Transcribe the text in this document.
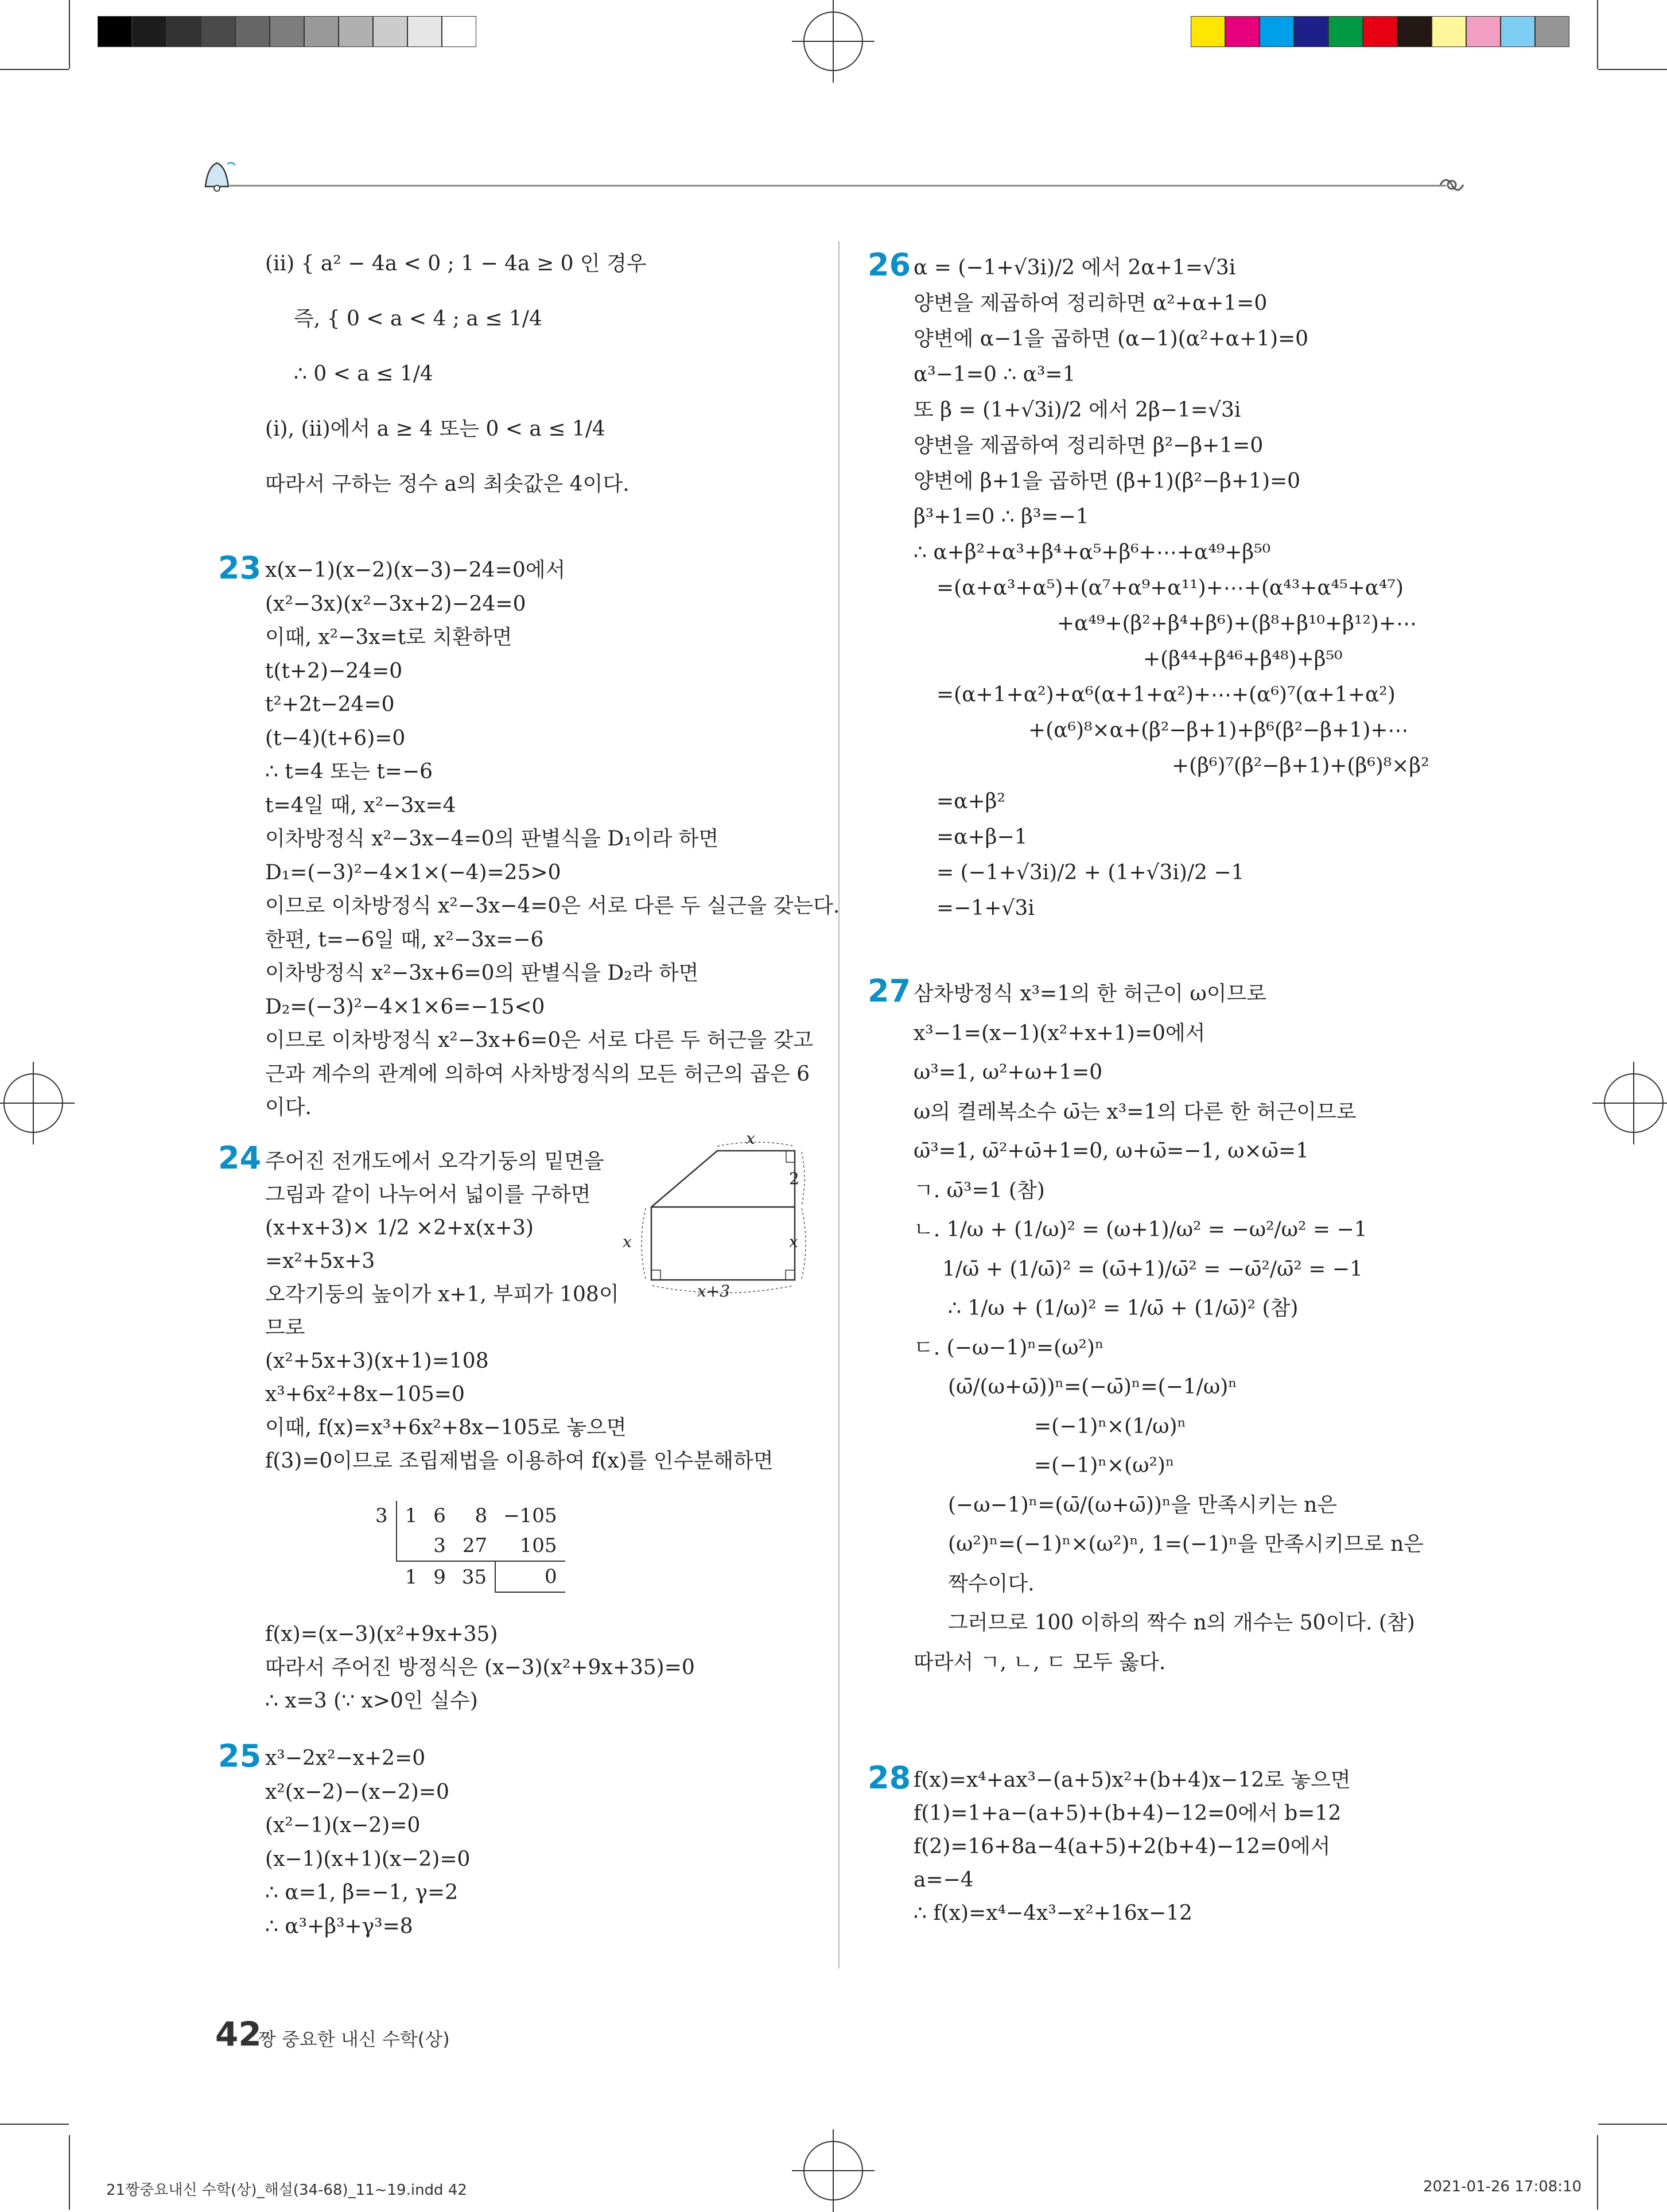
(ⅱ) { a² − 4a < 0 ; 1 − 4a ≥ 0 인 경우
즉, { 0 < a < 4 ; a ≤ 1/4
∴ 0 < a ≤ 1/4
(ⅰ), (ⅱ)에서 a ≥ 4 또는 0 < a ≤ 1/4
따라서 구하는 정수 a의 최솟값은 4이다.
23 x(x−1)(x−2)(x−3)−24=0에서
(x²−3x)(x²−3x+2)−24=0
이때, x²−3x=t로 치환하면
t(t+2)−24=0
t²+2t−24=0
(t−4)(t+6)=0
∴ t=4 또는 t=−6
t=4일 때, x²−3x=4
이차방정식 x²−3x−4=0의 판별식을 D₁이라 하면
D₁=(−3)²−4×1×(−4)=25>0
이므로 이차방정식 x²−3x−4=0은 서로 다른 두 실근을 갖는다.
한편, t=−6일 때, x²−3x=−6
이차방정식 x²−3x+6=0의 판별식을 D₂라 하면
D₂=(−3)²−4×1×6=−15<0
이므로 이차방정식 x²−3x+6=0은 서로 다른 두 허근을 갖고
근과 계수의 관계에 의하여 사차방정식의 모든 허근의 곱은 6
이다.
24 주어진 전개도에서 오각기둥의 밑면을
그림과 같이 나누어서 넓이를 구하면
(x+x+3)× 1/2 ×2+x(x+3)
=x²+5x+3
오각기둥의 높이가 x+1, 부피가 108이
므로
(x²+5x+3)(x+1)=108
x³+6x²+8x−105=0
이때, f(x)=x³+6x²+8x−105로 놓으면
f(3)=0이므로 조립제법을 이용하여 f(x)를 인수분해하면
x
2
x	x
x+3
3	1	6	8	−105
		3	27	105
	1	9	35	0
f(x)=(x−3)(x²+9x+35)
따라서 주어진 방정식은 (x−3)(x²+9x+35)=0
∴ x=3 (∵ x>0인 실수)
25 x³−2x²−x+2=0
x²(x−2)−(x−2)=0
(x²−1)(x−2)=0
(x−1)(x+1)(x−2)=0
∴ α=1, β=−1, γ=2
∴ α³+β³+γ³=8
26 α = (−1+√3i)/2 에서 2α+1=√3i
양변을 제곱하여 정리하면 α²+α+1=0
양변에 α−1을 곱하면 (α−1)(α²+α+1)=0
α³−1=0 ∴ α³=1
또 β = (1+√3i)/2 에서 2β−1=√3i
양변을 제곱하여 정리하면 β²−β+1=0
양변에 β+1을 곱하면 (β+1)(β²−β+1)=0
β³+1=0 ∴ β³=−1
∴ α+β²+α³+β⁴+α⁵+β⁶+⋯+α⁴⁹+β⁵⁰
=(α+α³+α⁵)+(α⁷+α⁹+α¹¹)+⋯+(α⁴³+α⁴⁵+α⁴⁷)
+α⁴⁹+(β²+β⁴+β⁶)+(β⁸+β¹⁰+β¹²)+⋯
+(β⁴⁴+β⁴⁶+β⁴⁸)+β⁵⁰
=(α+1+α²)+α⁶(α+1+α²)+⋯+(α⁶)⁷(α+1+α²)
+(α⁶)⁸×α+(β²−β+1)+β⁶(β²−β+1)+⋯
+(β⁶)⁷(β²−β+1)+(β⁶)⁸×β²
=α+β²
=α+β−1
= (−1+√3i)/2 + (1+√3i)/2 −1
=−1+√3i
27 삼차방정식 x³=1의 한 허근이 ω이므로
x³−1=(x−1)(x²+x+1)=0에서
ω³=1, ω²+ω+1=0
ω의 켤레복소수 ω̄는 x³=1의 다른 한 허근이므로
ω̄³=1, ω̄²+ω̄+1=0, ω+ω̄=−1, ω×ω̄=1
ㄱ. ω̄³=1 (참)
ㄴ. 1/ω + (1/ω)² = (ω+1)/ω² = −ω²/ω² = −1
1/ω̄ + (1/ω̄)² = (ω̄+1)/ω̄² = −ω̄²/ω̄² = −1
∴ 1/ω + (1/ω)² = 1/ω̄ + (1/ω̄)² (참)
ㄷ. (−ω−1)ⁿ=(ω²)ⁿ
(ω̄/(ω+ω̄))ⁿ=(−ω̄)ⁿ=(−1/ω)ⁿ
=(−1)ⁿ×(1/ω)ⁿ
=(−1)ⁿ×(ω²)ⁿ
(−ω−1)ⁿ=(ω̄/(ω+ω̄))ⁿ을 만족시키는 n은
(ω²)ⁿ=(−1)ⁿ×(ω²)ⁿ, 1=(−1)ⁿ을 만족시키므로 n은
짝수이다.
그러므로 100 이하의 짝수 n의 개수는 50이다. (참)
따라서 ㄱ, ㄴ, ㄷ 모두 옳다.
28 f(x)=x⁴+ax³−(a+5)x²+(b+4)x−12로 놓으면
f(1)=1+a−(a+5)+(b+4)−12=0에서 b=12
f(2)=16+8a−4(a+5)+2(b+4)−12=0에서
a=−4
∴ f(x)=x⁴−4x³−x²+16x−12
42
짱 중요한 내신 수학(상)
21짱중요내신 수학(상)_해설(34-68)_11~19.indd 42	2021-01-26 17:08:10
